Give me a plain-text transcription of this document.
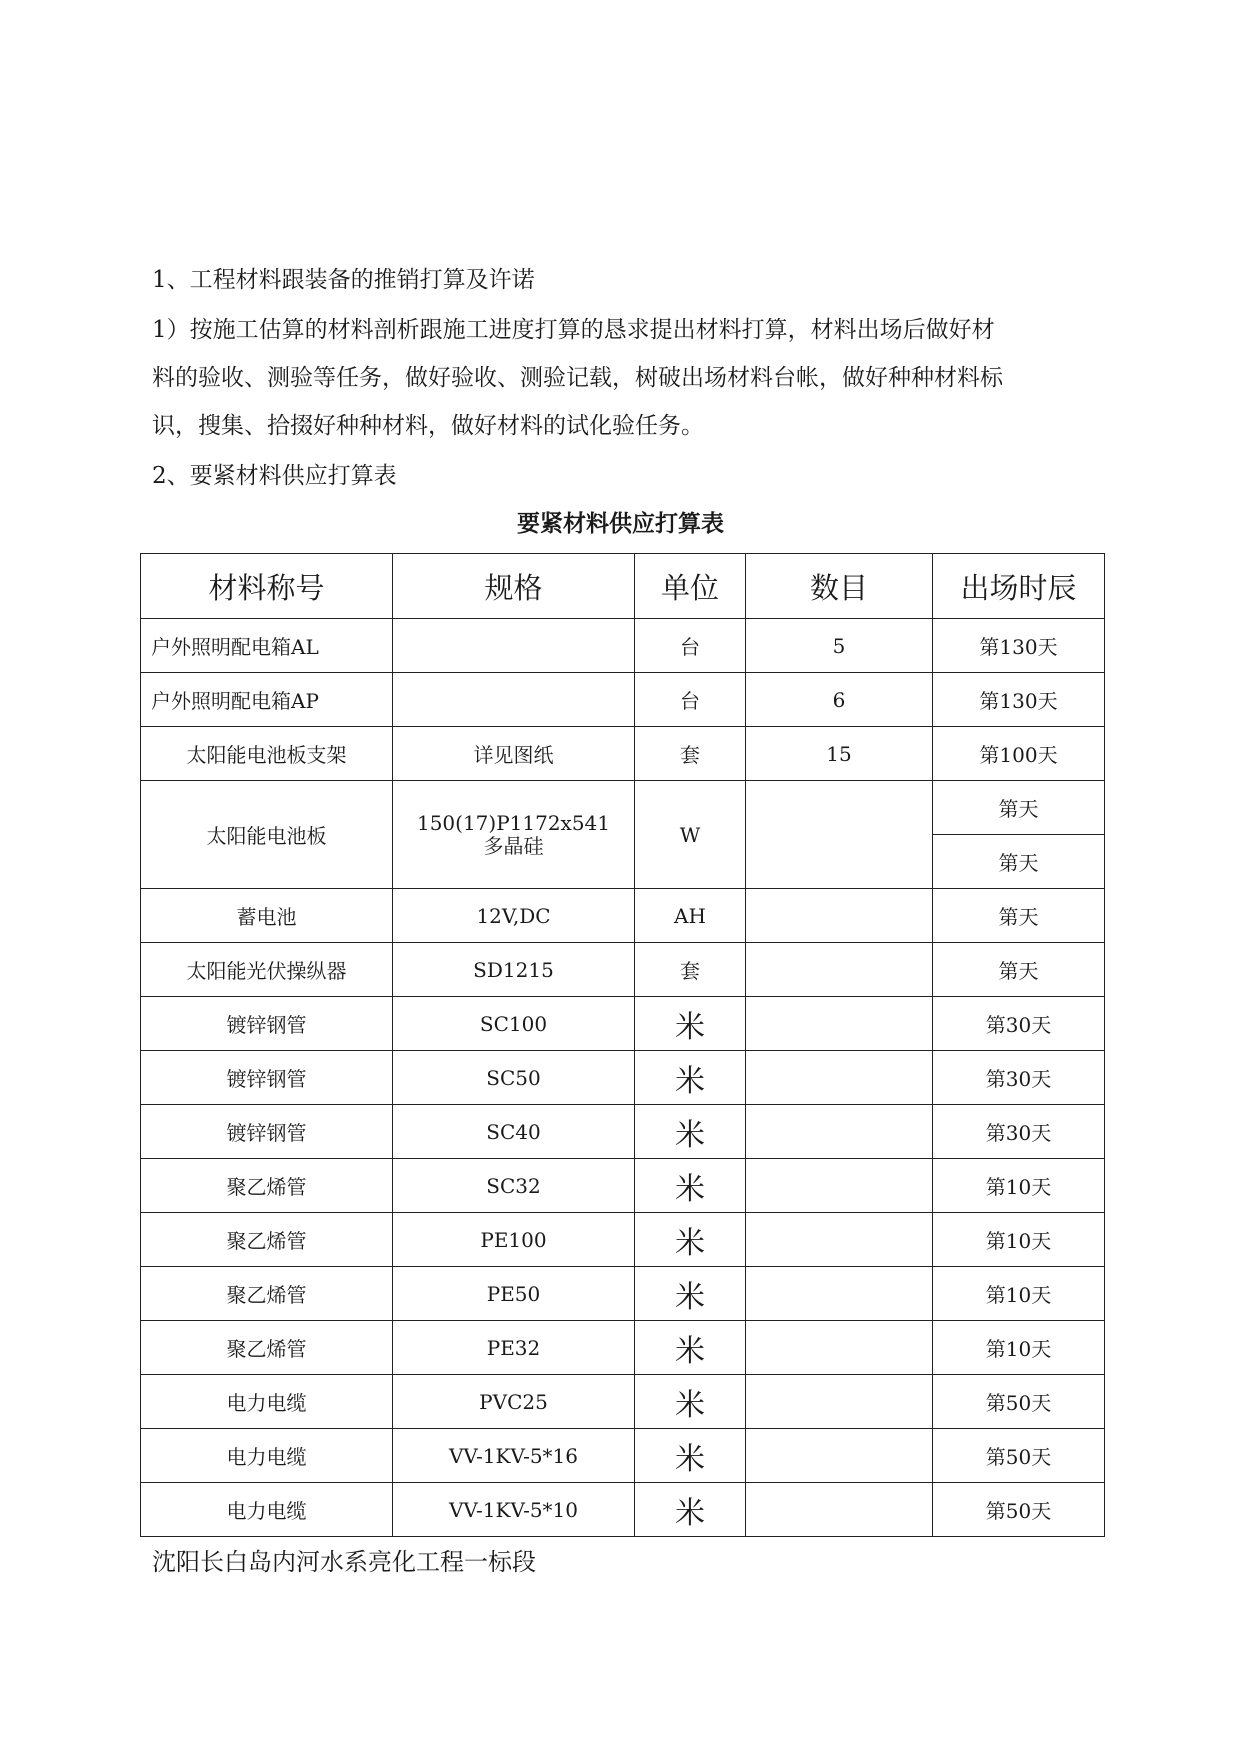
1、工程材料跟装备的推销打算及许诺

1）按施工估算的材料剖析跟施工进度打算的恳求提出材料打算，材料出场后做好材
料的验收、测验等任务，做好验收、测验记载，树破出场材料台帐，做好种种材料标
识，搜集、拾掇好种种材料，做好材料的试化验任务。

2、要紧材料供应打算表

要紧材料供应打算表
材料称号	规格	单位	数目	出场时辰
户外照明配电箱AL		台	5	第130天
户外照明配电箱AP		台	6	第130天
太阳能电池板支架	详见图纸	套	15	第100天
太阳能电池板	150(17)P1172x541
多晶硅	W		第天
				第天
蓄电池	12V,DC	AH		第天
太阳能光伏操纵器	SD1215	套		第天
镀锌钢管	SC100	米		第30天
镀锌钢管	SC50	米		第30天
镀锌钢管	SC40	米		第30天
聚乙烯管	SC32	米		第10天
聚乙烯管	PE100	米		第10天
聚乙烯管	PE50	米		第10天
聚乙烯管	PE32	米		第10天
电力电缆	PVC25	米		第50天
电力电缆	VV-1KV-5*16	米		第50天
电力电缆	VV-1KV-5*10	米		第50天

沈阳长白岛内河水系亮化工程一标段
